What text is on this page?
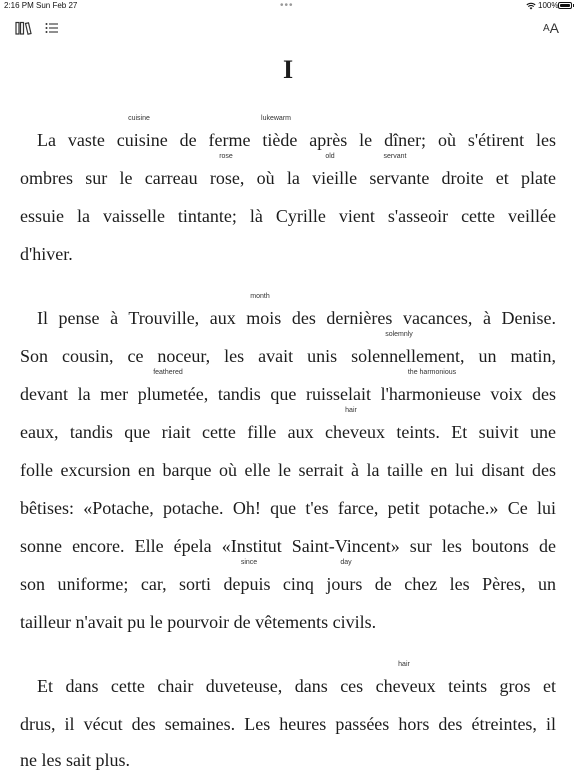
2:16 PM Sun Feb 27	•••	100%
A A
I
cuisine	lukewarm
La vaste cuisine de ferme tiède après le dîner; où s'étirent les
rose	old	servant
ombres sur le carreau rose, où la vieille servante droite et plate
essuie la vaisselle tintante; là Cyrille vient s'asseoir cette veillée
d'hiver.
month
Il pense à Trouville, aux mois des dernières vacances, à Denise.
solemnly
Son cousin, ce noceur, les avait unis solennellement, un matin,
feathered	the harmonious
devant la mer plumetée, tandis que ruisselait l'harmonieuse voix des
hair
eaux, tandis que riait cette fille aux cheveux teints. Et suivit une
folle excursion en barque où elle le serrait à la taille en lui disant des
bêtises: «Potache, potache. Oh! que t'es farce, petit potache.» Ce lui
sonne encore. Elle épela «Institut Saint-Vincent» sur les boutons de
since	day
son uniforme; car, sorti depuis cinq jours de chez les Pères, un
tailleur n'avait pu le pourvoir de vêtements civils.
hair
Et dans cette chair duveteuse, dans ces cheveux teints gros et
drus, il vécut des semaines. Les heures passées hors des étreintes, il
ne les sait plus.
